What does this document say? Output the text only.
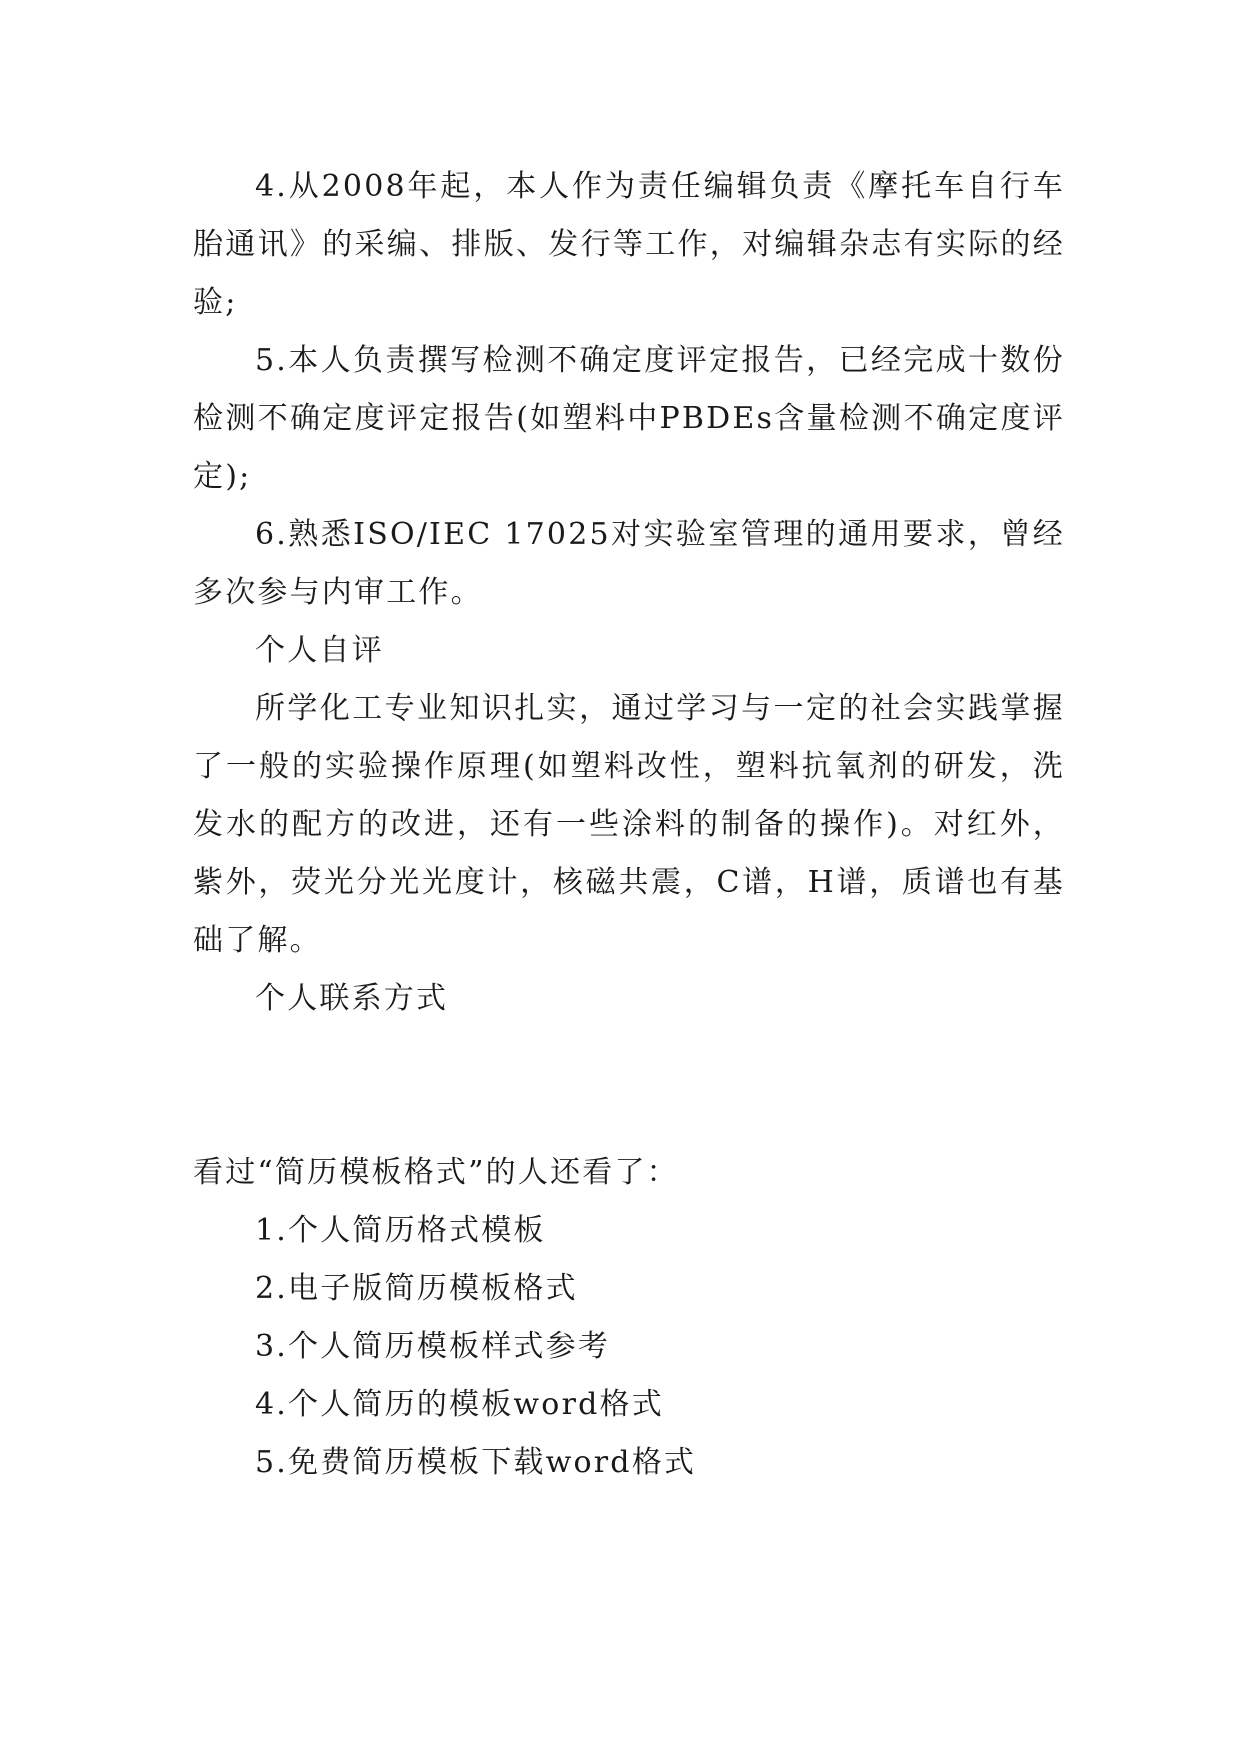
4.从2008年起，本人作为责任编辑负责《摩托车自行车胎通讯》的采编、排版、发行等工作，对编辑杂志有实际的经验;

5.本人负责撰写检测不确定度评定报告，已经完成十数份检测不确定度评定报告(如塑料中PBDEs含量检测不确定度评定);

6.熟悉ISO/IEC 17025对实验室管理的通用要求，曾经多次参与内审工作。

个人自评

所学化工专业知识扎实，通过学习与一定的社会实践掌握了一般的实验操作原理(如塑料改性，塑料抗氧剂的研发，洗发水的配方的改进，还有一些涂料的制备的操作)。对红外，紫外，荧光分光光度计，核磁共震，C谱，H谱，质谱也有基础了解。

个人联系方式

看过“简历模板格式”的人还看了：

1.个人简历格式模板
2.电子版简历模板格式
3.个人简历模板样式参考
4.个人简历的模板word格式
5.免费简历模板下载word格式
